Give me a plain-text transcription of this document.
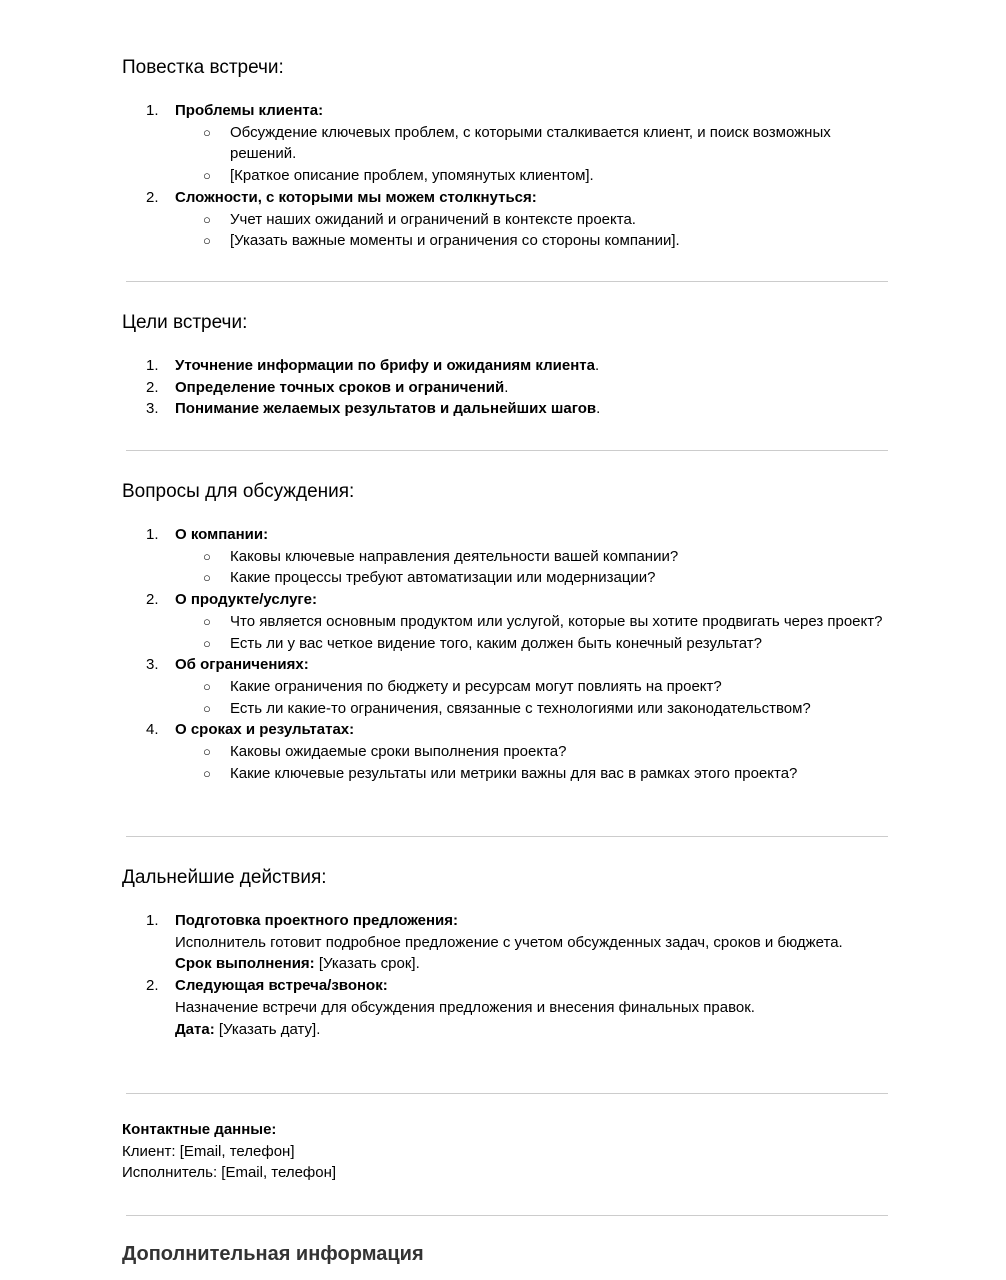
Повестка встречи:
1.	Проблемы клиента:
○ Обсуждение ключевых проблем, с которыми сталкивается клиент, и поиск возможных решений.
○ [Краткое описание проблем, упомянутых клиентом].
2.	Сложности, с которыми мы можем столкнуться:
○ Учет наших ожиданий и ограничений в контексте проекта.
○ [Указать важные моменты и ограничения со стороны компании].
Цели встречи:
1.	Уточнение информации по брифу и ожиданиям клиента.
2.	Определение точных сроков и ограничений.
3.	Понимание желаемых результатов и дальнейших шагов.
Вопросы для обсуждения:
1.	О компании:
○ Каковы ключевые направления деятельности вашей компании?
○ Какие процессы требуют автоматизации или модернизации?
2.	О продукте/услуге:
○ Что является основным продуктом или услугой, которые вы хотите продвигать через проект?
○ Есть ли у вас четкое видение того, каким должен быть конечный результат?
3.	Об ограничениях:
○ Какие ограничения по бюджету и ресурсам могут повлиять на проект?
○ Есть ли какие-то ограничения, связанные с технологиями или законодательством?
4.	О сроках и результатах:
○ Каковы ожидаемые сроки выполнения проекта?
○ Какие ключевые результаты или метрики важны для вас в рамках этого проекта?
Дальнейшие действия:
1.	Подготовка проектного предложения:
Исполнитель готовит подробное предложение с учетом обсужденных задач, сроков и бюджета.
Срок выполнения: [Указать срок].
2.	Следующая встреча/звонок:
Назначение встречи для обсуждения предложения и внесения финальных правок.
Дата: [Указать дату].
Контактные данные:
Клиент: [Email, телефон]
Исполнитель: [Email, телефон]
Дополнительная информация
